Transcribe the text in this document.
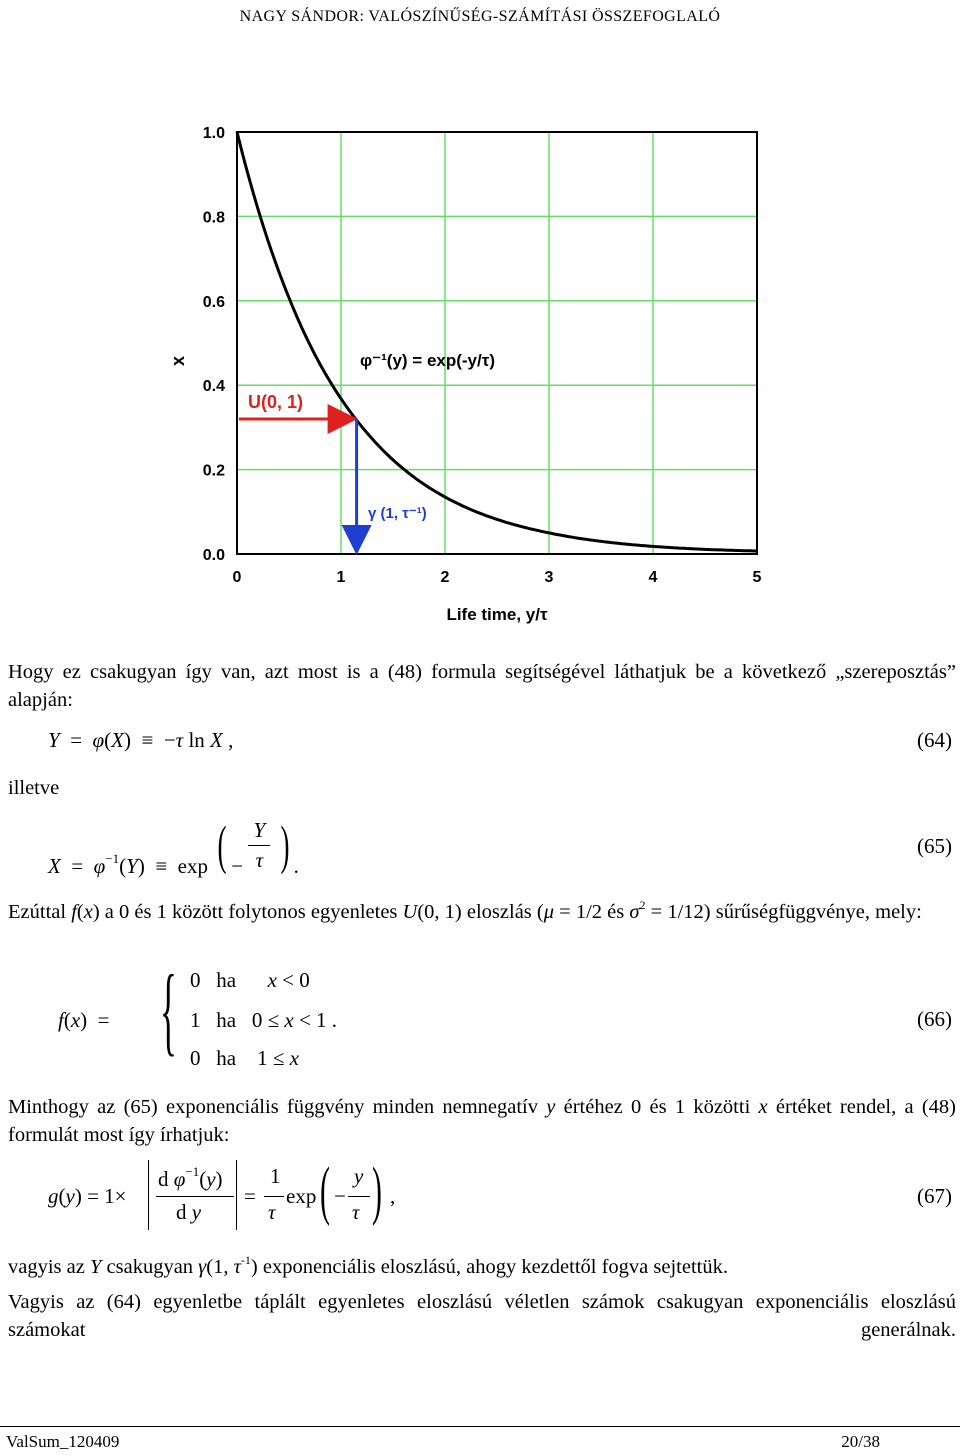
NAGY SÁNDOR: VALÓSZÍNŰSÉG-SZÁMÍTÁSI ÖSSZEFOGLALÓ
0.0
0.2
0.4
0.6
0.8
1.0
0	1	2	3	4	5
x
Life time, y/τ
φ⁻¹(y) = exp(-y/τ)
U(0, 1)
γ (1, τ⁻¹)
Hogy ez csakugyan így van, azt most is a (48) formula segítségével láthatjuk be a következő „szereposztás” alapján:
Y  =  φ(X)  ≡  −τ ln X ,	(64)
illetve
$X = \varphi^{-1}(Y) \equiv \exp$ ( − $\frac{Y}{\tau}$ ) .
(65)
Ezúttal f(x) a 0 és 1 között folytonos egyenletes U(0, 1) eloszlás (μ = 1/2 és $\sigma^2 = 1/12$) sűrűségfüggvénye, mely:
f(x)  = { 0   ha      x < 0
1   ha   0 ≤ x < 1 .
0   ha    1 ≤ x
(66)
Minthogy az (65) exponenciális függvény minden nemnegatív y értéhez 0 és 1 közötti x értéket rendel, a (48) formulát most így írhatjuk:
g(y) = 1×
d $\varphi^{-1}(y)$
d y
=
1
τ
exp ( −
y
τ ) ,	(67)
vagyis az Y csakugyan γ(1, $\tau^{-1}$) exponenciális eloszlású, ahogy kezdettől fogva sejtettük.
Vagyis az (64) egyenletbe táplált egyenletes eloszlású véletlen számok csakugyan exponenciális eloszlású számokat generálnak.
ValSum_120409	20/38
